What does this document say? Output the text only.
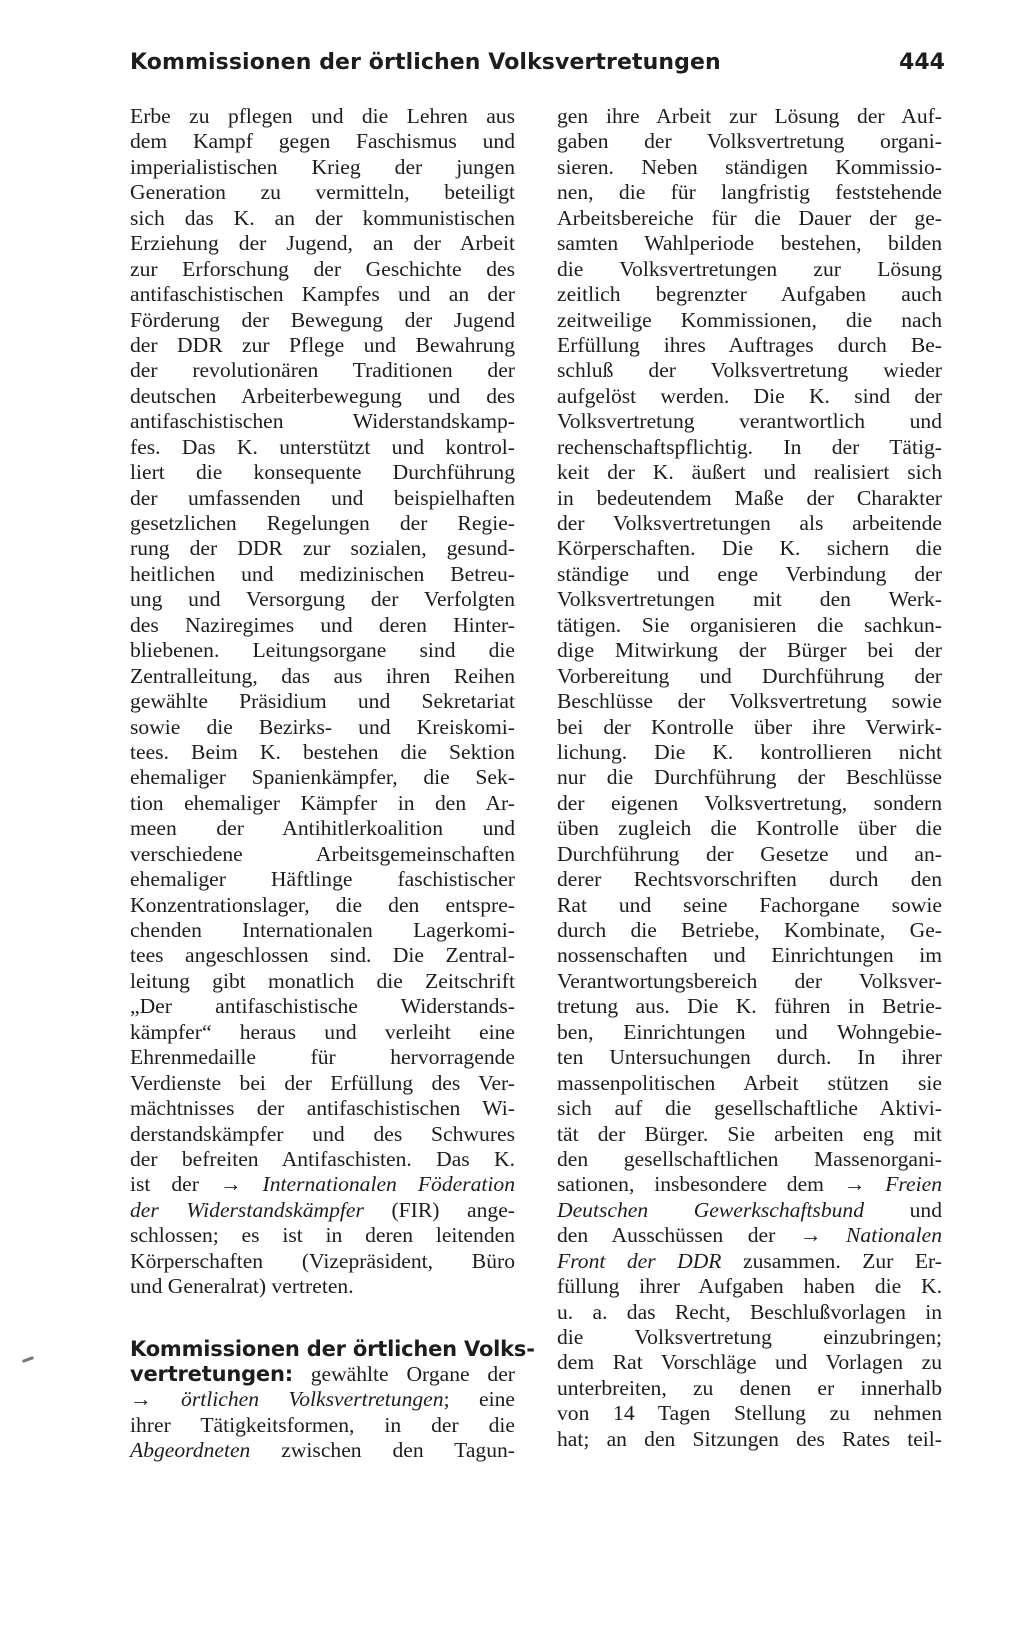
Kommissionen der örtlichen Volksvertretungen	444
Erbe zu pflegen und die Lehren aus
dem Kampf gegen Faschismus und
imperialistischen Krieg der jungen
Generation zu vermitteln, beteiligt
sich das K. an der kommunistischen
Erziehung der Jugend, an der Arbeit
zur Erforschung der Geschichte des
antifaschistischen Kampfes und an der
Förderung der Bewegung der Jugend
der DDR zur Pflege und Bewahrung
der revolutionären Traditionen der
deutschen Arbeiterbewegung und des
antifaschistischen Widerstandskamp-
fes. Das K. unterstützt und kontrol-
liert die konsequente Durchführung
der umfassenden und beispielhaften
gesetzlichen Regelungen der Regie-
rung der DDR zur sozialen, gesund-
heitlichen und medizinischen Betreu-
ung und Versorgung der Verfolgten
des Naziregimes und deren Hinter-
bliebenen. Leitungsorgane sind die
Zentralleitung, das aus ihren Reihen
gewählte Präsidium und Sekretariat
sowie die Bezirks- und Kreiskomi-
tees. Beim K. bestehen die Sektion
ehemaliger Spanienkämpfer, die Sek-
tion ehemaliger Kämpfer in den Ar-
meen der Antihitlerkoalition und
verschiedene Arbeitsgemeinschaften
ehemaliger Häftlinge faschistischer
Konzentrationslager, die den entspre-
chenden Internationalen Lagerkomi-
tees angeschlossen sind. Die Zentral-
leitung gibt monatlich die Zeitschrift
„Der antifaschistische Widerstands-
kämpfer“ heraus und verleiht eine
Ehrenmedaille für hervorragende
Verdienste bei der Erfüllung des Ver-
mächtnisses der antifaschistischen Wi-
derstandskämpfer und des Schwures
der befreiten Antifaschisten. Das K.
ist der → Internationalen Föderation
der Widerstandskämpfer (FIR) ange-
schlossen; es ist in deren leitenden
Körperschaften (Vizepräsident, Büro
und Generalrat) vertreten.
Kommissionen der örtlichen Volks-
vertretungen: gewählte Organe der
→ örtlichen Volksvertretungen; eine
ihrer Tätigkeitsformen, in der die
Abgeordneten zwischen den Tagun-
gen ihre Arbeit zur Lösung der Auf-
gaben der Volksvertretung organi-
sieren. Neben ständigen Kommissio-
nen, die für langfristig feststehende
Arbeitsbereiche für die Dauer der ge-
samten Wahlperiode bestehen, bilden
die Volksvertretungen zur Lösung
zeitlich begrenzter Aufgaben auch
zeitweilige Kommissionen, die nach
Erfüllung ihres Auftrages durch Be-
schluß der Volksvertretung wieder
aufgelöst werden. Die K. sind der
Volksvertretung verantwortlich und
rechenschaftspflichtig. In der Tätig-
keit der K. äußert und realisiert sich
in bedeutendem Maße der Charakter
der Volksvertretungen als arbeitende
Körperschaften. Die K. sichern die
ständige und enge Verbindung der
Volksvertretungen mit den Werk-
tätigen. Sie organisieren die sachkun-
dige Mitwirkung der Bürger bei der
Vorbereitung und Durchführung der
Beschlüsse der Volksvertretung sowie
bei der Kontrolle über ihre Verwirk-
lichung. Die K. kontrollieren nicht
nur die Durchführung der Beschlüsse
der eigenen Volksvertretung, sondern
üben zugleich die Kontrolle über die
Durchführung der Gesetze und an-
derer Rechtsvorschriften durch den
Rat und seine Fachorgane sowie
durch die Betriebe, Kombinate, Ge-
nossenschaften und Einrichtungen im
Verantwortungsbereich der Volksver-
tretung aus. Die K. führen in Betrie-
ben, Einrichtungen und Wohngebie-
ten Untersuchungen durch. In ihrer
massenpolitischen Arbeit stützen sie
sich auf die gesellschaftliche Aktivi-
tät der Bürger. Sie arbeiten eng mit
den gesellschaftlichen Massenorgani-
sationen, insbesondere dem → Freien
Deutschen Gewerkschaftsbund und
den Ausschüssen der → Nationalen
Front der DDR zusammen. Zur Er-
füllung ihrer Aufgaben haben die K.
u. a. das Recht, Beschlußvorlagen in
die Volksvertretung einzubringen;
dem Rat Vorschläge und Vorlagen zu
unterbreiten, zu denen er innerhalb
von 14 Tagen Stellung zu nehmen
hat; an den Sitzungen des Rates teil-
